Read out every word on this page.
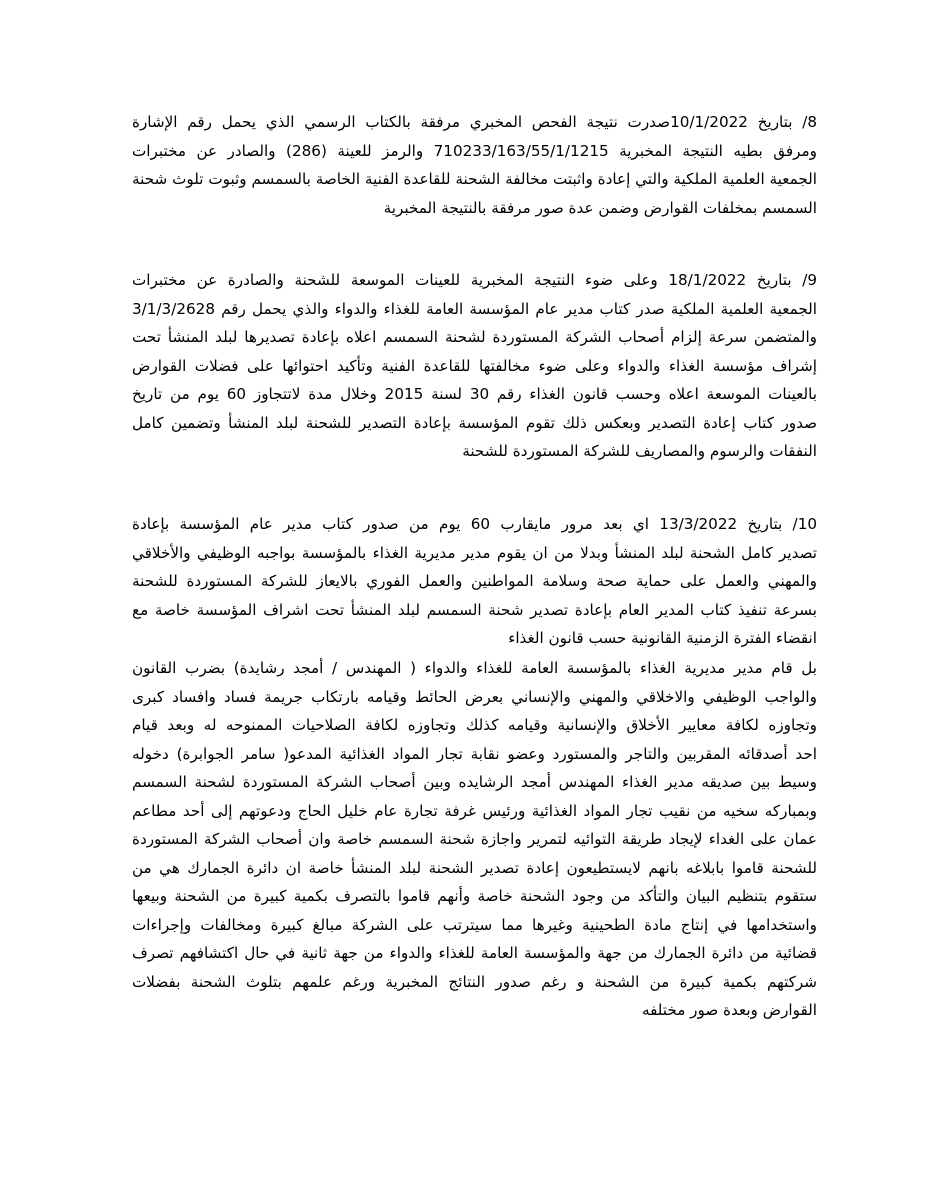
8/ بتاريخ 10/1/2022صدرت نتيجة الفحص المخبري مرفقة بالكتاب الرسمي الذي يحمل رقم الإشارة
ومرفق بطيه النتيجة المخبرية 710233/163/55/1/1215 والرمز للعينة (286) والصادر عن مختبرات
الجمعية العلمية الملكية والتي إعادة واثبتت مخالفة الشحنة للقاعدة الفنية الخاصة بالسمسم وثبوت تلوث شحنة
السمسم بمخلفات القوارض وضمن عدة صور مرفقة بالنتيجة المخبرية
9/ بتاريخ 18/1/2022 وعلى ضوء النتيجة المخبرية للعينات الموسعة للشحنة والصادرة عن مختبرات
الجمعية العلمية الملكية صدر كتاب مدير عام المؤسسة العامة للغذاء والدواء والذي يحمل رقم 3/1/3/2628
والمتضمن سرعة إلزام أصحاب الشركة المستوردة لشحنة السمسم اعلاه بإعادة تصديرها لبلد المنشأ تحت
إشراف مؤسسة الغذاء والدواء وعلى ضوء مخالفتها للقاعدة الفنية وتأكيد احتوائها على فضلات القوارض
بالعينات الموسعة اعلاه وحسب قانون الغذاء رقم 30 لسنة 2015 وخلال مدة لاتتجاوز 60 يوم من تاريخ
صدور كتاب إعادة التصدير وبعكس ذلك تقوم المؤسسة بإعادة التصدير للشحنة لبلد المنشأ وتضمين كامل
النفقات والرسوم والمصاريف للشركة المستوردة للشحنة
10/ بتاريخ 13/3/2022 اي بعد مرور مايقارب 60 يوم من صدور كتاب مدير عام المؤسسة بإعادة
تصدير كامل الشحنة لبلد المنشأ وبدلا من ان يقوم مدير مديرية الغذاء بالمؤسسة بواجبه الوظيفي والأخلاقي
والمهني والعمل على حماية صحة وسلامة المواطنين والعمل الفوري بالايعاز للشركة المستوردة للشحنة
بسرعة تنفيذ كتاب المدير العام بإعادة تصدير شحنة السمسم لبلد المنشأ تحت اشراف المؤسسة خاصة مع
انقضاء الفترة الزمنية القانونية حسب قانون الغذاء
بل قام مدير مديرية الغذاء بالمؤسسة العامة للغذاء والدواء ( المهندس / أمجد رشايدة) بضرب القانون
والواجب الوظيفي والاخلاقي والمهني والإنساني بعرض الحائط وقيامه بارتكاب جريمة فساد وافساد كبرى
وتجاوزه لكافة معايير الأخلاق والإنسانية وقيامه كذلك وتجاوزه لكافة الصلاحيات الممنوحه له وبعد قيام
احد أصدقائه المقربين والتاجر والمستورد وعضو نقابة تجار المواد الغذائية المدعو( سامر الجوابرة) دخوله
وسيط بين صديقه مدير الغذاء المهندس أمجد الرشايده وبين أصحاب الشركة المستوردة لشحنة السمسم
وبمباركه سخيه من نقيب تجار المواد الغذائية ورئيس غرفة تجارة عام خليل الحاج ودعوتهم إلى أحد مطاعم
عمان على الغداء لإيجاد طريقة التوائيه لتمرير واجازة شحنة السمسم خاصة وان أصحاب الشركة المستوردة
للشحنة قاموا بابلاغه بانهم لايستطيعون إعادة تصدير الشحنة لبلد المنشأ خاصة ان دائرة الجمارك هي من
ستقوم بتنظيم البيان والتأكد من وجود الشحنة خاصة وأنهم قاموا بالتصرف بكمية كبيرة من الشحنة وبيعها
واستخدامها في إنتاج مادة الطحينية وغيرها مما سيترتب على الشركة مبالغ كبيرة ومخالفات وإجراءات
قضائية من دائرة الجمارك من جهة والمؤسسة العامة للغذاء والدواء من جهة ثانية في حال اكتشافهم تصرف
شركتهم بكمية كبيرة من الشحنة و رغم صدور النتائج المخبرية ورغم علمهم بتلوث الشحنة بفضلات
القوارض وبعدة صور مختلفه
